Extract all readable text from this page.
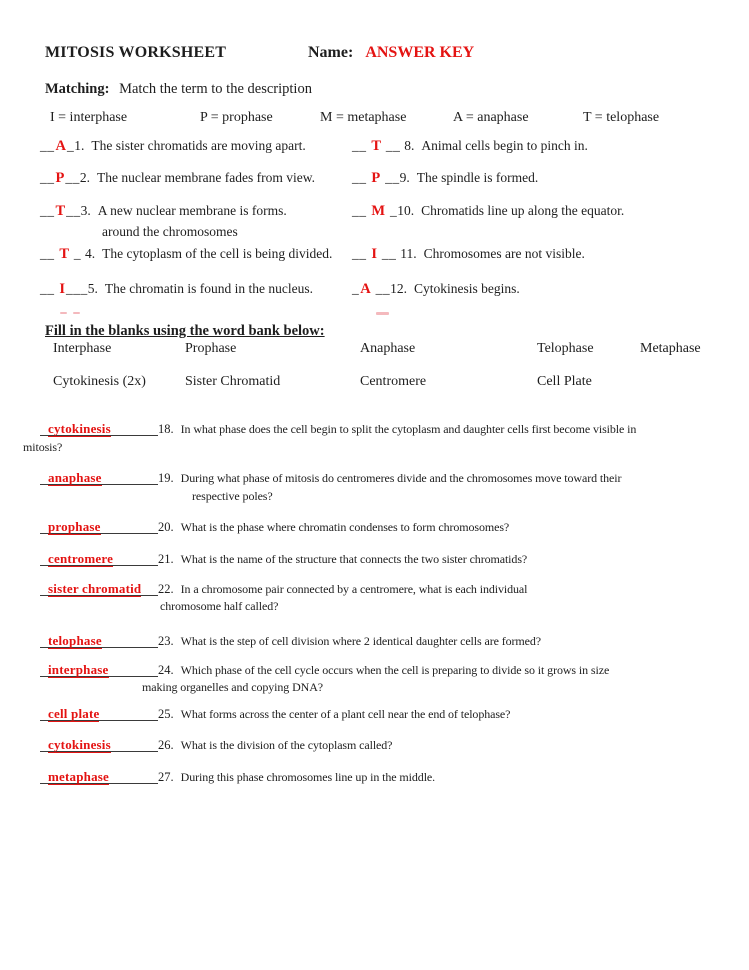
MITOSIS WORKSHEET	Name: ANSWER KEY
Matching: Match the term to the description
I = interphase	P = prophase	M = metaphase	A = anaphase	T = telophase
__A_1. The sister chromatids are moving apart.
__P__2. The nuclear membrane fades from view.
__T__3. A new nuclear membrane is forms.
around the chromosomes
__ T _ 4. The cytoplasm of the cell is being divided.
__ I___5. The chromatin is found in the nucleus.
__ T __ 8. Animal cells begin to pinch in.
__ P __9. The spindle is formed.
__ M _10. Chromatids line up along the equator.
__ I __ 11. Chromosomes are not visible.
_A __12. Cytokinesis begins.
Fill in the blanks using the word bank below:
Interphase	Prophase	Anaphase	Telophase	Metaphase
Cytokinesis (2x)	Sister Chromatid	Centromere	Cell Plate
cytokinesis	18. In what phase does the cell begin to split the cytoplasm and daughter cells first become visible in
mitosis?
anaphase	19. During what phase of mitosis do centromeres divide and the chromosomes move toward their
respective poles?
prophase	20. What is the phase where chromatin condenses to form chromosomes?
centromere	21. What is the name of the structure that connects the two sister chromatids?
sister chromatid 22. In a chromosome pair connected by a centromere, what is each individual
chromosome half called?
telophase	23. What is the step of cell division where 2 identical daughter cells are formed?
interphase	24. Which phase of the cell cycle occurs when the cell is preparing to divide so it grows in size
making organelles and copying DNA?
cell plate	25. What forms across the center of a plant cell near the end of telophase?
cytokinesis	26. What is the division of the cytoplasm called?
metaphase	27. During this phase chromosomes line up in the middle.
